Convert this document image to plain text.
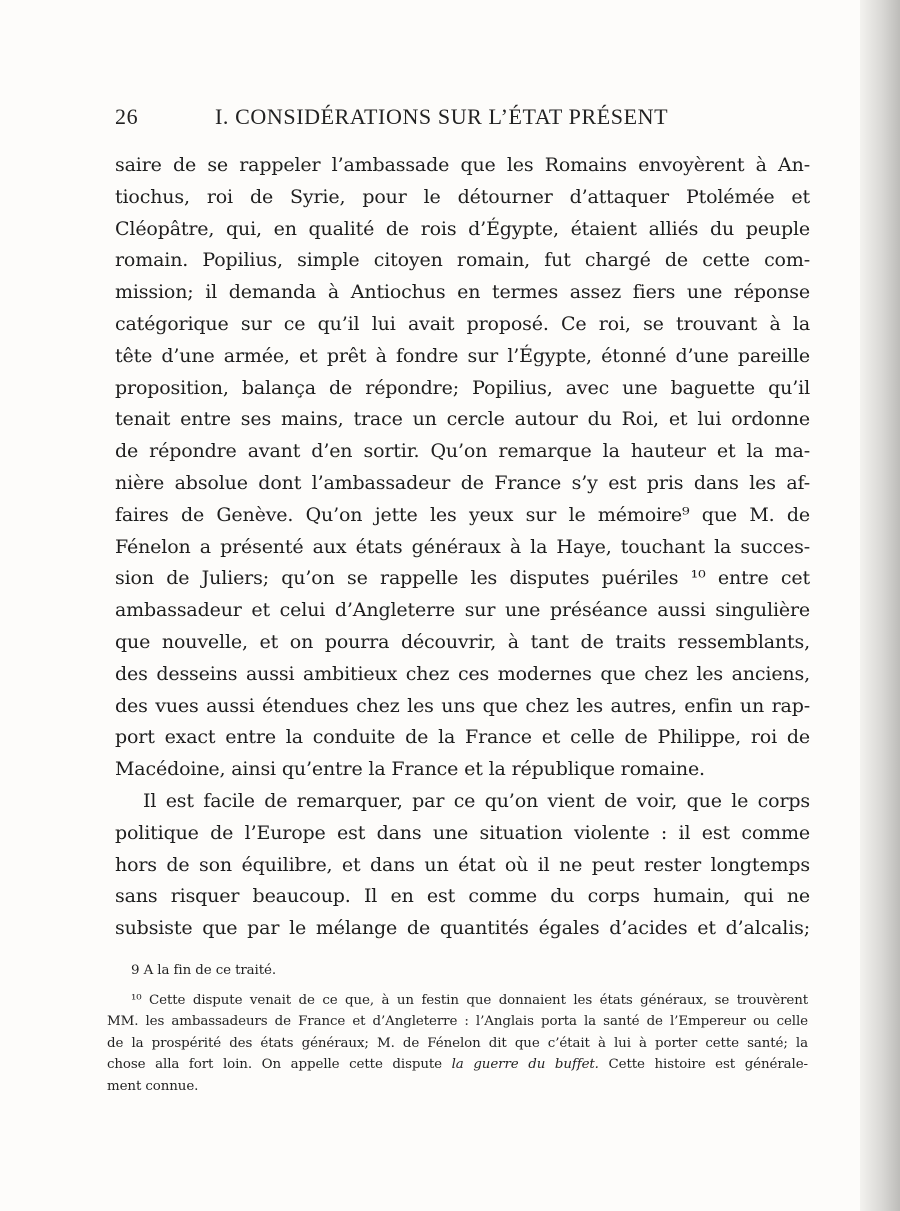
26	I. CONSIDÉRATIONS SUR L’ÉTAT PRÉSENT
saire de se rappeler l’ambassade que les Romains envoyèrent à An-
tiochus, roi de Syrie, pour le détourner d’attaquer Ptolémée et
Cléopâtre, qui, en qualité de rois d’Égypte, étaient alliés du peuple
romain. Popilius, simple citoyen romain, fut chargé de cette com-
mission; il demanda à Antiochus en termes assez fiers une réponse
catégorique sur ce qu’il lui avait proposé. Ce roi, se trouvant à la
tête d’une armée, et prêt à fondre sur l’Égypte, étonné d’une pareille
proposition, balança de répondre; Popilius, avec une baguette qu’il
tenait entre ses mains, trace un cercle autour du Roi, et lui ordonne
de répondre avant d’en sortir. Qu’on remarque la hauteur et la ma-
nière absolue dont l’ambassadeur de France s’y est pris dans les af-
faires de Genève. Qu’on jette les yeux sur le mémoire⁹ que M. de
Fénelon a présenté aux états généraux à la Haye, touchant la succes-
sion de Juliers; qu’on se rappelle les disputes puériles ¹⁰ entre cet
ambassadeur et celui d’Angleterre sur une préséance aussi singulière
que nouvelle, et on pourra découvrir, à tant de traits ressemblants,
des desseins aussi ambitieux chez ces modernes que chez les anciens,
des vues aussi étendues chez les uns que chez les autres, enfin un rap-
port exact entre la conduite de la France et celle de Philippe, roi de
Macédoine, ainsi qu’entre la France et la république romaine.
Il est facile de remarquer, par ce qu’on vient de voir, que le corps
politique de l’Europe est dans une situation violente : il est comme
hors de son équilibre, et dans un état où il ne peut rester longtemps
sans risquer beaucoup. Il en est comme du corps humain, qui ne
subsiste que par le mélange de quantités égales d’acides et d’alcalis;
9 A la fin de ce traité.
¹⁰ Cette dispute venait de ce que, à un festin que donnaient les états généraux, se trouvèrent
MM. les ambassadeurs de France et d’Angleterre : l’Anglais porta la santé de l’Empereur ou celle
de la prospérité des états généraux; M. de Fénelon dit que c’était à lui à porter cette santé; la
chose alla fort loin. On appelle cette dispute la guerre du buffet. Cette histoire est générale-
ment connue.
